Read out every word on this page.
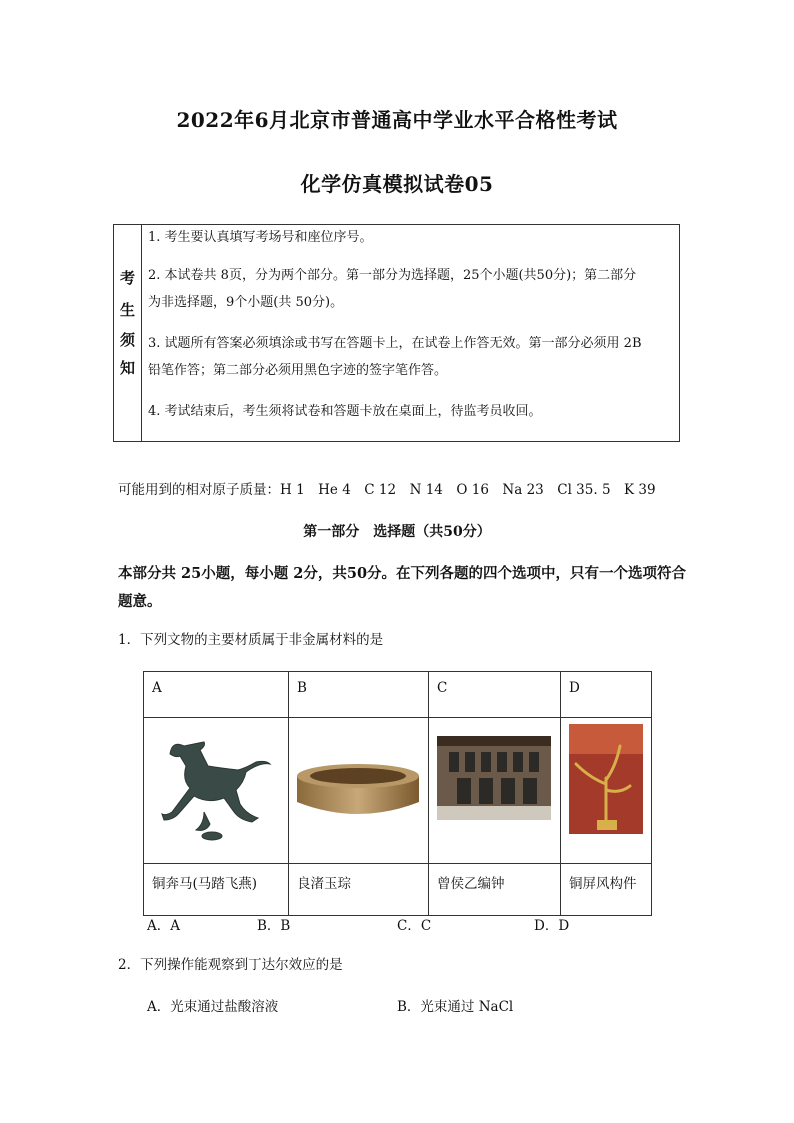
2022年6月北京市普通高中学业水平合格性考试
化学仿真模拟试卷05
考
生
须
知
1. 考生要认真填写考场号和座位序号。
2. 本试卷共 8页，分为两个部分。第一部分为选择题，25个小题(共50分)；第二部分
为非选择题，9个小题(共 50分)。
3. 试题所有答案必须填涂或书写在答题卡上，在试卷上作答无效。第一部分必须用 2B
铅笔作答；第二部分必须用黑色字迹的签字笔作答。
4. 考试结束后，考生须将试卷和答题卡放在桌面上，待监考员收回。
可能用到的相对原子质量：H 1　He 4　C 12　N 14　O 16　Na 23　Cl 35. 5　K 39
第一部分　选择题（共50分）
本部分共 25小题，每小题 2分，共50分。在下列各题的四个选项中，只有一个选项符合
题意。
1．下列文物的主要材质属于非金属材料的是
A	B	C	D

铜奔马(马踏飞燕)	良渚玉琮	曾侯乙编钟	铜屏风构件
A．A	B．B	C．C	D．D
2．下列操作能观察到丁达尔效应的是
A．光束通过盐酸溶液	B．光束通过 NaCl
